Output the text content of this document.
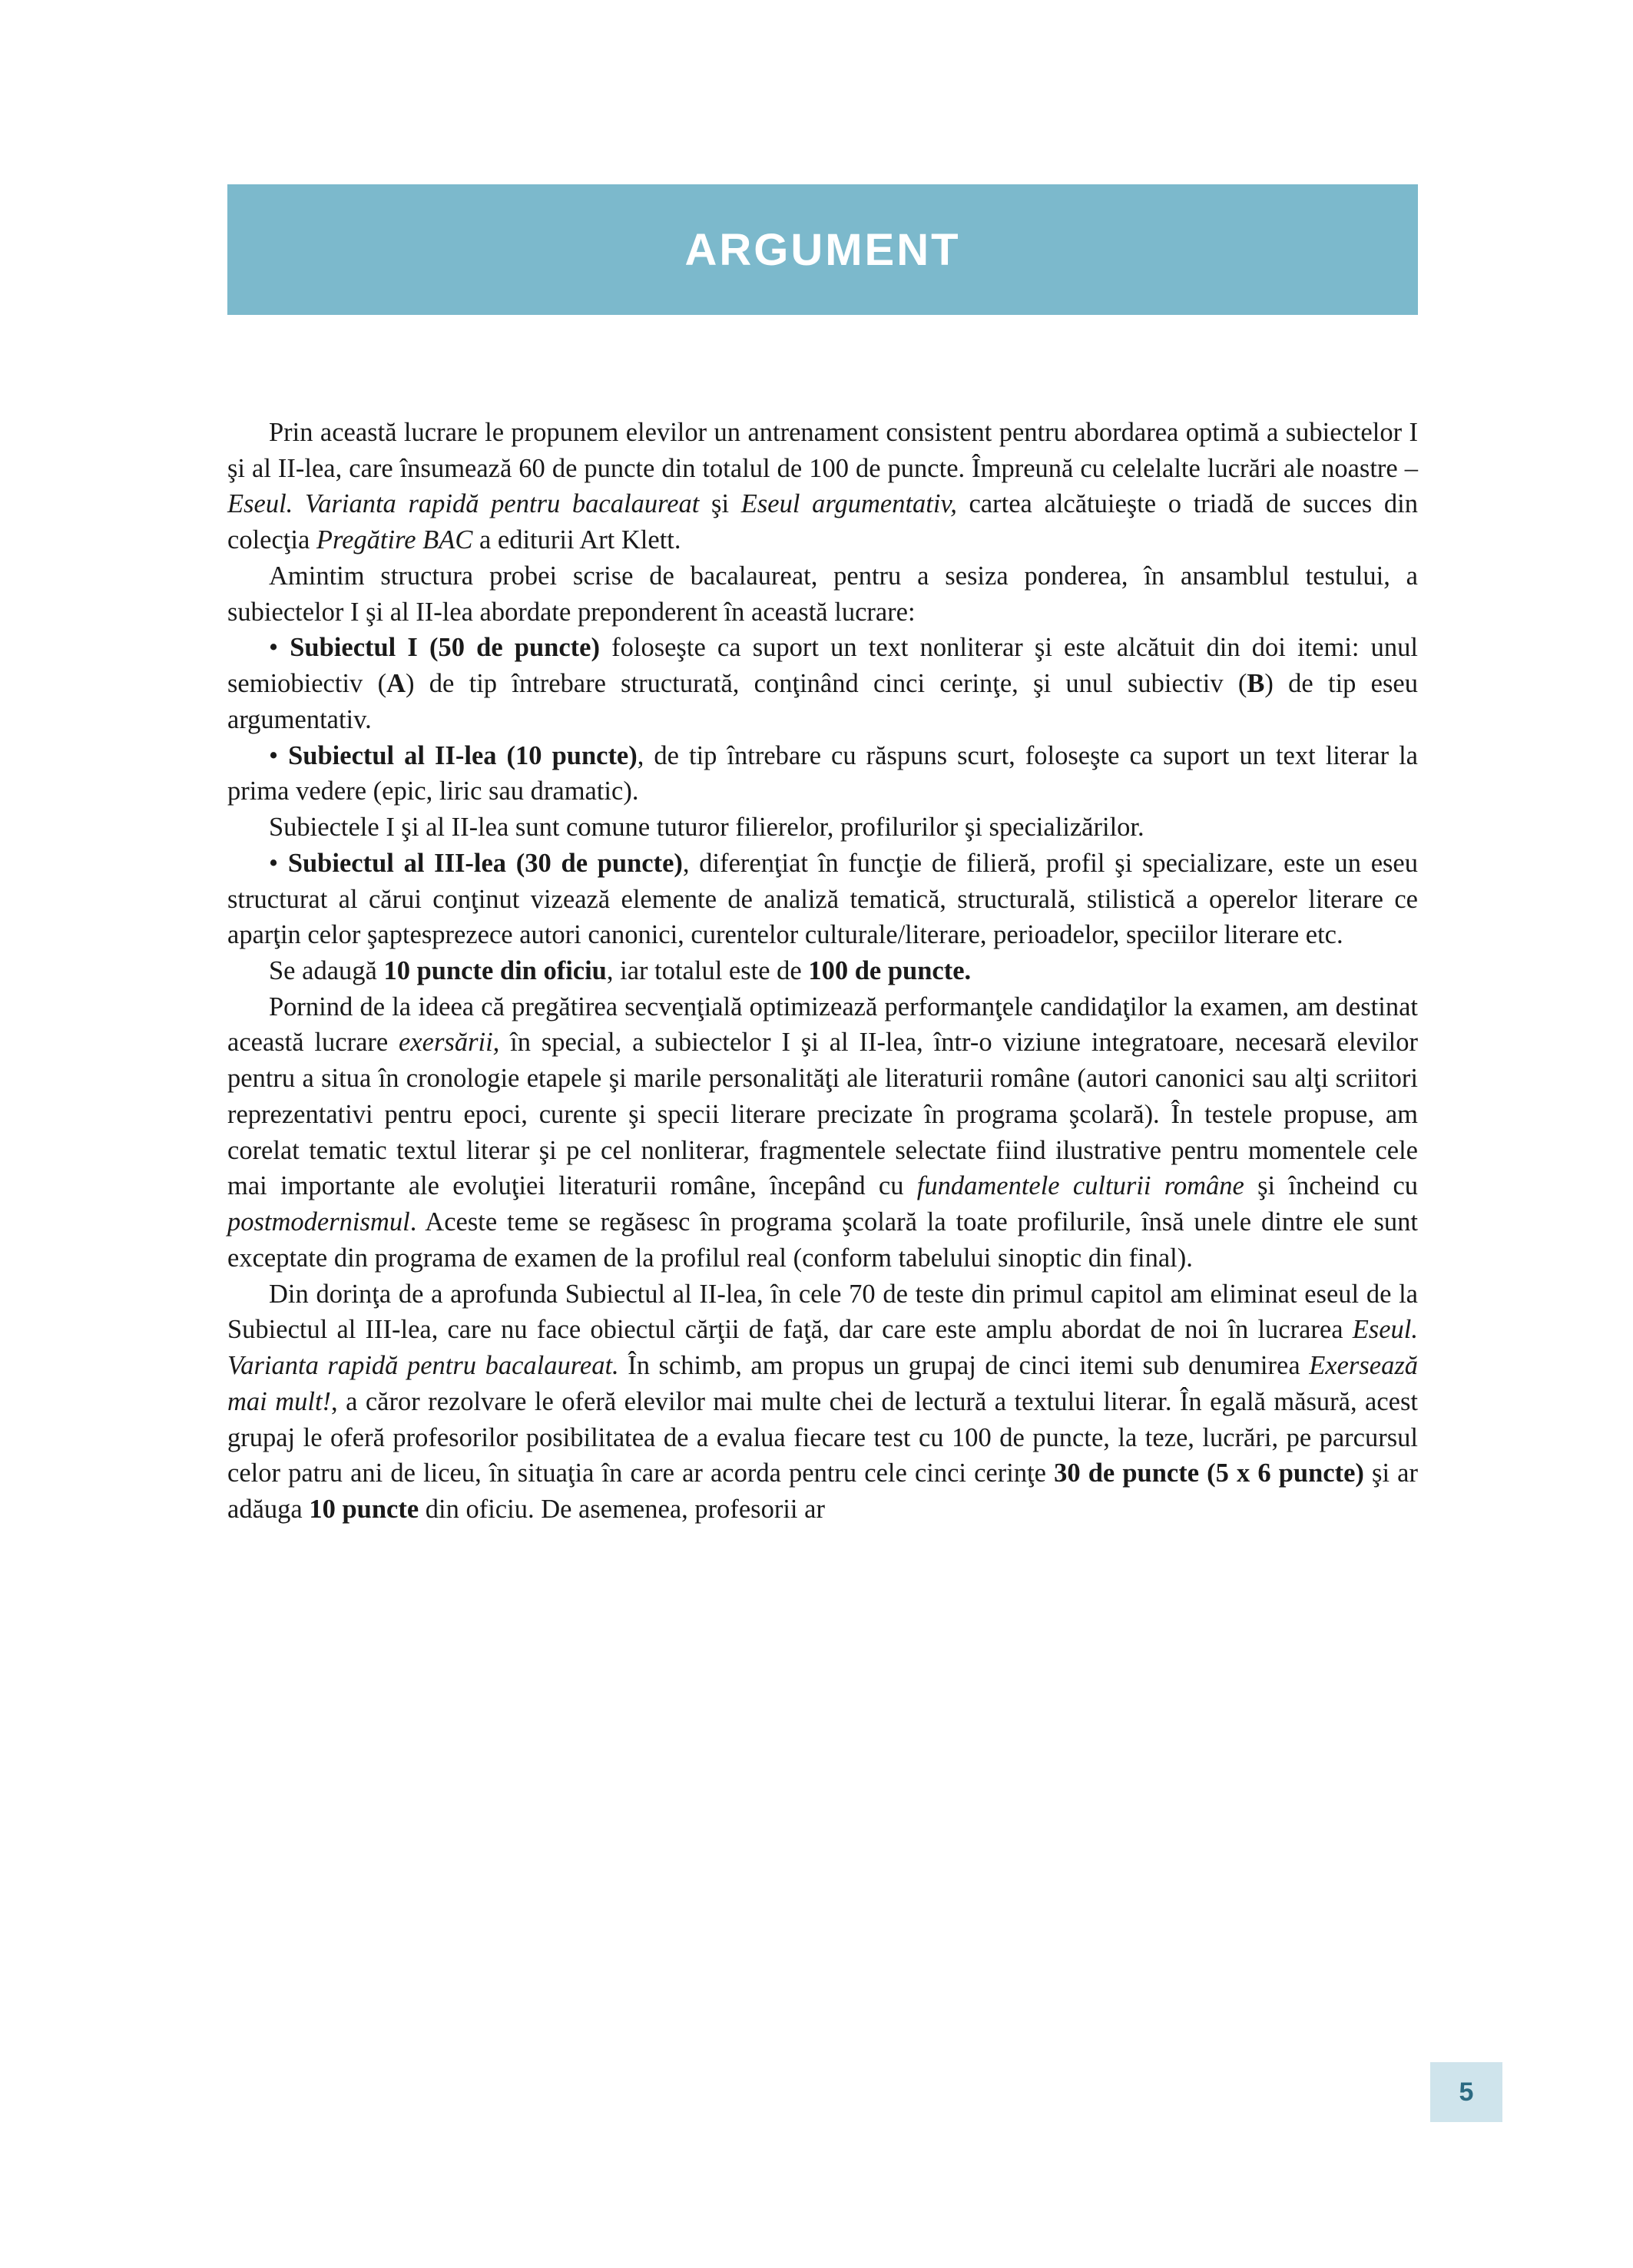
ARGUMENT

Prin această lucrare le propunem elevilor un antrenament consistent pentru abordarea optimă a subiectelor I şi al II-lea, care însumează 60 de puncte din totalul de 100 de puncte. Împreună cu celelalte lucrări ale noastre – Eseul. Varianta rapidă pentru bacalaureat şi Eseul argumentativ, cartea alcătuieşte o triadă de succes din colecţia Pregătire BAC a editurii Art Klett.

Amintim structura probei scrise de bacalaureat, pentru a sesiza ponderea, în ansamblul testului, a subiectelor I şi al II-lea abordate preponderent în această lucrare:

• Subiectul I (50 de puncte) foloseşte ca suport un text nonliterar şi este alcătuit din doi itemi: unul semiobiectiv (A) de tip întrebare structurată, conţinând cinci cerinţe, şi unul subiectiv (B) de tip eseu argumentativ.

• Subiectul al II-lea (10 puncte), de tip întrebare cu răspuns scurt, foloseşte ca suport un text literar la prima vedere (epic, liric sau dramatic).

Subiectele I şi al II-lea sunt comune tuturor filierelor, profilurilor şi specializărilor.

• Subiectul al III-lea (30 de puncte), diferenţiat în funcţie de filieră, profil şi specializare, este un eseu structurat al cărui conţinut vizează elemente de analiză tematică, structurală, stilistică a operelor literare ce aparţin celor şaptesprezece autori canonici, curentelor culturale/literare, perioadelor, speciilor literare etc.

Se adaugă 10 puncte din oficiu, iar totalul este de 100 de puncte.

Pornind de la ideea că pregătirea secvenţială optimizează performanţele candidaţilor la examen, am destinat această lucrare exersării, în special, a subiectelor I şi al II-lea, într-o viziune integratoare, necesară elevilor pentru a situa în cronologie etapele şi marile personalităţi ale literaturii române (autori canonici sau alţi scriitori reprezentativi pentru epoci, curente şi specii literare precizate în programa şcolară). În testele propuse, am corelat tematic textul literar şi pe cel nonliterar, fragmentele selectate fiind ilustrative pentru momentele cele mai importante ale evoluţiei literaturii române, începând cu fundamentele culturii române şi încheind cu postmodernismul. Aceste teme se regăsesc în programa şcolară la toate profilurile, însă unele dintre ele sunt exceptate din programa de examen de la profilul real (conform tabelului sinoptic din final).

Din dorinţa de a aprofunda Subiectul al II-lea, în cele 70 de teste din primul capitol am eliminat eseul de la Subiectul al III-lea, care nu face obiectul cărţii de faţă, dar care este amplu abordat de noi în lucrarea Eseul. Varianta rapidă pentru bacalaureat. În schimb, am propus un grupaj de cinci itemi sub denumirea Exersează mai mult!, a căror rezolvare le oferă elevilor mai multe chei de lectură a textului literar. În egală măsură, acest grupaj le oferă profesorilor posibilitatea de a evalua fiecare test cu 100 de puncte, la teze, lucrări, pe parcursul celor patru ani de liceu, în situaţia în care ar acorda pentru cele cinci cerinţe 30 de puncte (5 x 6 puncte) şi ar adăuga 10 puncte din oficiu. De asemenea, profesorii ar

5
